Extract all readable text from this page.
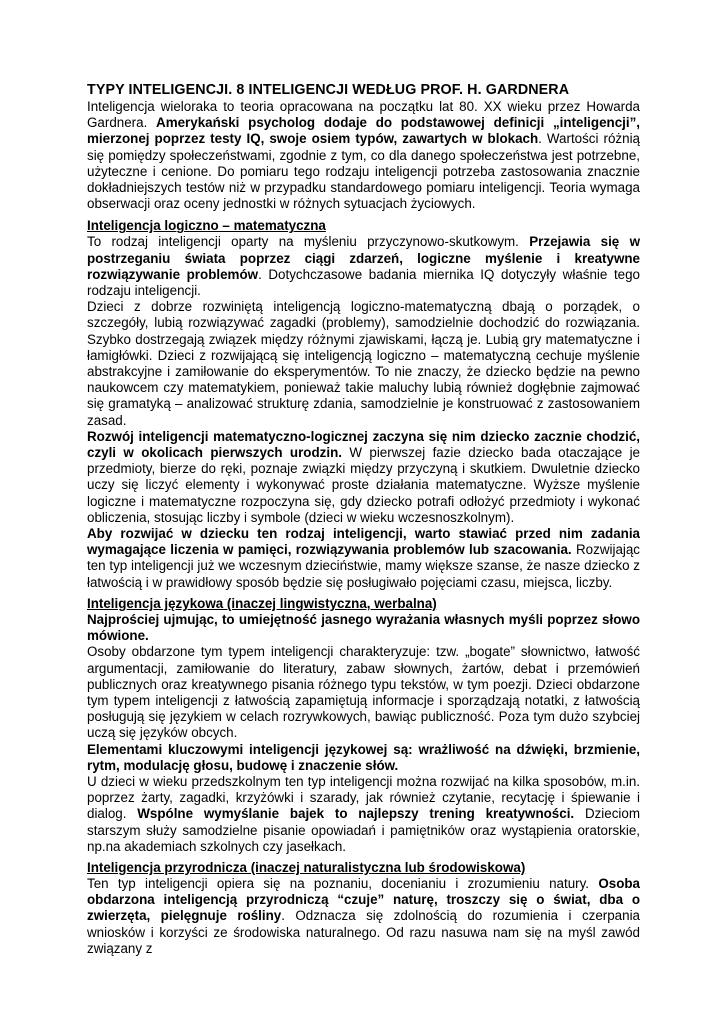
TYPY INTELIGENCJI. 8 INTELIGENCJI WEDŁUG PROF. H. GARDNERA

Inteligencja wieloraka to teoria opracowana na początku lat 80. XX wieku przez Howarda Gardnera. Amerykański psycholog dodaje do podstawowej definicji „inteligencji”, mierzonej poprzez testy IQ, swoje osiem typów, zawartych w blokach. Wartości różnią się pomiędzy społeczeństwami, zgodnie z tym, co dla danego społeczeństwa jest potrzebne, użyteczne i cenione. Do pomiaru tego rodzaju inteligencji potrzeba zastosowania znacznie dokładniejszych testów niż w przypadku standardowego pomiaru inteligencji. Teoria wymaga obserwacji oraz oceny jednostki w różnych sytuacjach życiowych.

Inteligencja logiczno – matematyczna

To rodzaj inteligencji oparty na myśleniu przyczynowo-skutkowym. Przejawia się w postrzeganiu świata poprzez ciągi zdarzeń, logiczne myślenie i kreatywne rozwiązywanie problemów. Dotychczasowe badania miernika IQ dotyczyły właśnie tego rodzaju inteligencji.

Dzieci z dobrze rozwiniętą inteligencją logiczno-matematyczną dbają o porządek, o szczegóły, lubią rozwiązywać zagadki (problemy), samodzielnie dochodzić do rozwiązania. Szybko dostrzegają związek między różnymi zjawiskami, łączą je. Lubią gry matematyczne i łamigłówki. Dzieci z rozwijającą się inteligencją logiczno – matematyczną cechuje myślenie abstrakcyjne i zamiłowanie do eksperymentów. To nie znaczy, że dziecko będzie na pewno naukowcem czy matematykiem, ponieważ takie maluchy lubią również dogłębnie zajmować się gramatyką – analizować strukturę zdania, samodzielnie je konstruować z zastosowaniem zasad.

Rozwój inteligencji matematyczno-logicznej zaczyna się nim dziecko zacznie chodzić, czyli w okolicach pierwszych urodzin. W pierwszej fazie dziecko bada otaczające je przedmioty, bierze do ręki, poznaje związki między przyczyną i skutkiem. Dwuletnie dziecko uczy się liczyć elementy i wykonywać proste działania matematyczne. Wyższe myślenie logiczne i matematyczne rozpoczyna się, gdy dziecko potrafi odłożyć przedmioty i wykonać obliczenia, stosując liczby i symbole (dzieci w wieku wczesnoszkolnym).

Aby rozwijać w dziecku ten rodzaj inteligencji, warto stawiać przed nim zadania wymagające liczenia w pamięci, rozwiązywania problemów lub szacowania. Rozwijając ten typ inteligencji już we wczesnym dzieciństwie, mamy większe szanse, że nasze dziecko z łatwością i w prawidłowy sposób będzie się posługiwało pojęciami czasu, miejsca, liczby.

Inteligencja językowa (inaczej lingwistyczna, werbalna)

Najprościej ujmując, to umiejętność jasnego wyrażania własnych myśli poprzez słowo mówione.

Osoby obdarzone tym typem inteligencji charakteryzuje: tzw. „bogate” słownictwo, łatwość argumentacji, zamiłowanie do literatury, zabaw słownych, żartów, debat i przemówień publicznych oraz kreatywnego pisania różnego typu tekstów, w tym poezji. Dzieci obdarzone tym typem inteligencji z łatwością zapamiętują informacje i sporządzają notatki, z łatwością posługują się językiem w celach rozrywkowych, bawiąc publiczność. Poza tym dużo szybciej uczą się języków obcych.

Elementami kluczowymi inteligencji językowej są: wrażliwość na dźwięki, brzmienie, rytm, modulację głosu, budowę i znaczenie słów.

U dzieci w wieku przedszkolnym ten typ inteligencji można rozwijać na kilka sposobów, m.in. poprzez żarty, zagadki, krzyżówki i szarady, jak również czytanie, recytację i śpiewanie i dialog. Wspólne wymyślanie bajek to najlepszy trening kreatywności. Dzieciom starszym służy samodzielne pisanie opowiadań i pamiętników oraz wystąpienia oratorskie, np.na akademiach szkolnych czy jasełkach.

Inteligencja przyrodnicza (inaczej naturalistyczna lub środowiskowa)

Ten typ inteligencji opiera się na poznaniu, docenianiu i zrozumieniu natury. Osoba obdarzona inteligencją przyrodniczą “czuje” naturę, troszczy się o świat, dba o zwierzęta, pielęgnuje rośliny. Odznacza się zdolnością do rozumienia i czerpania wniosków i korzyści ze środowiska naturalnego. Od razu nasuwa nam się na myśl zawód związany z
